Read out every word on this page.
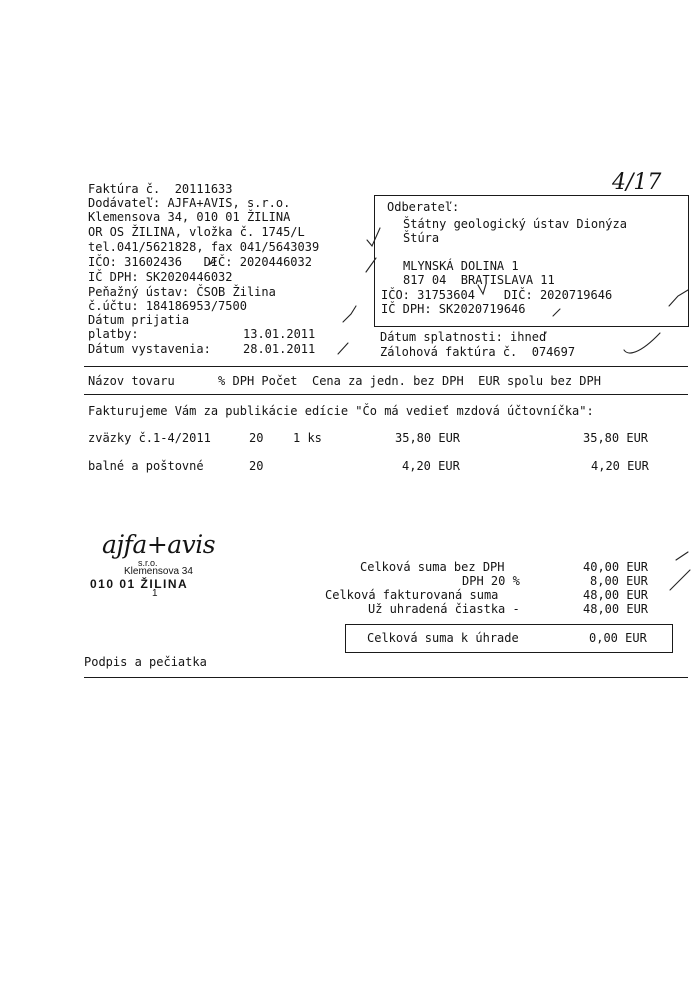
4/17
Faktúra č.  20111633
Dodávateľ: AJFA+AVIS, s.r.o.
Klemensova 34, 010 01 ŽILINA
OR OS ŽILINA, vložka č. 1745/L
tel.041/5621828, fax 041/5643039
IČO: 31602436   DIČ: 2020446032
IČ DPH: SK2020446032
Peňažný ústav: ČSOB Žilina
č.účtu: 184186953/7500
Dátum prijatia
platby:	13.01.2011
Dátum vystavenia:	28.01.2011
Odberateľ:
Štátny geologický ústav Dionýza
Štúra
MLYNSKÁ DOLINA 1
817 04  BRATISLAVA 11
IČO: 31753604    DIČ: 2020719646
IČ DPH: SK2020719646
Dátum splatnosti: ihneď
Zálohová faktúra č.  074697
Názov tovaru      % DPH Počet  Cena za jedn. bez DPH  EUR spolu bez DPH
Fakturujeme Vám za publikácie edície "Čo má vedieť mzdová účtovníčka":
zväzky č.1-4/2011	20 1 ks	35,80 EUR	35,80 EUR
balné a poštovné	20	4,20 EUR	4,20 EUR
ajfa+avis
s.r.o.
Klemensova 34
010 01 ŽILINA
1
Celková suma bez DPH	40,00 EUR
DPH 20 %	8,00 EUR
Celková fakturovaná suma	48,00 EUR
Už uhradená čiastka -	48,00 EUR
Celková suma k úhrade	0,00 EUR
Podpis a pečiatka
